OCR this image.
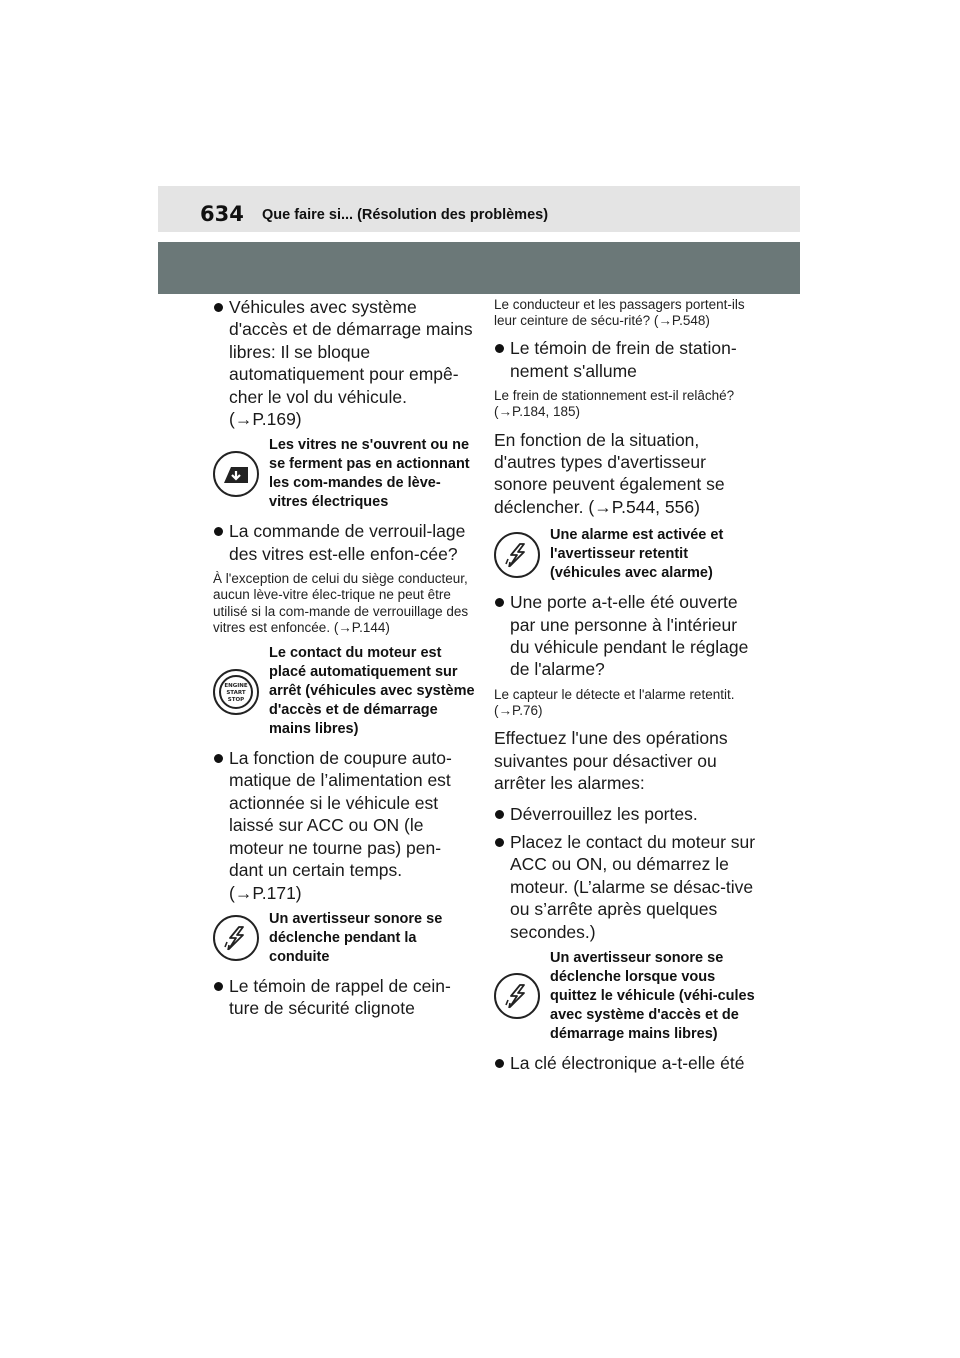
634 Que faire si... (Résolution des problèmes)
Véhicules avec système d'accès et de démarrage mains libres: Il se bloque automatiquement pour empê-cher le vol du véhicule.
(→P.169)
Les vitres ne s'ouvrent ou ne se ferment pas en actionnant les com-mandes de lève-vitres électriques
La commande de verrouil-lage des vitres est-elle enfon-cée?
À l'exception de celui du siège conducteur, aucun lève-vitre élec-trique ne peut être utilisé si la com-mande de verrouillage des vitres est enfoncée. (→P.144)
ENGINE
START
STOP
Le contact du moteur est placé automatiquement sur arrêt (véhicules avec système d'accès et de démarrage mains libres)
La fonction de coupure auto-matique de l’alimentation est actionnée si le véhicule est laissé sur ACC ou ON (le moteur ne tourne pas) pen-dant un certain temps.
(→P.171)
Un avertisseur sonore se déclenche pendant la conduite
Le témoin de rappel de cein-ture de sécurité clignote
Le conducteur et les passagers portent-ils leur ceinture de sécu-rité? (→P.548)
Le témoin de frein de station-nement s'allume
Le frein de stationnement est-il relâché? (→P.184, 185)
En fonction de la situation, d'autres types d'avertisseur sonore peuvent également se déclencher. (→P.544, 556)
Une alarme est activée et l'avertisseur retentit (véhicules avec alarme)
Une porte a-t-elle été ouverte par une personne à l'intérieur du véhicule pendant le réglage de l'alarme?
Le capteur le détecte et l'alarme retentit. (→P.76)
Effectuez l'une des opérations suivantes pour désactiver ou arrêter les alarmes:
Déverrouillez les portes.
Placez le contact du moteur sur ACC ou ON, ou démarrez le moteur. (L’alarme se désac-tive ou s’arrête après quelques secondes.)
Un avertisseur sonore se déclenche lorsque vous quittez le véhicule (véhi-cules avec système d'accès et de démarrage mains libres)
La clé électronique a-t-elle été
